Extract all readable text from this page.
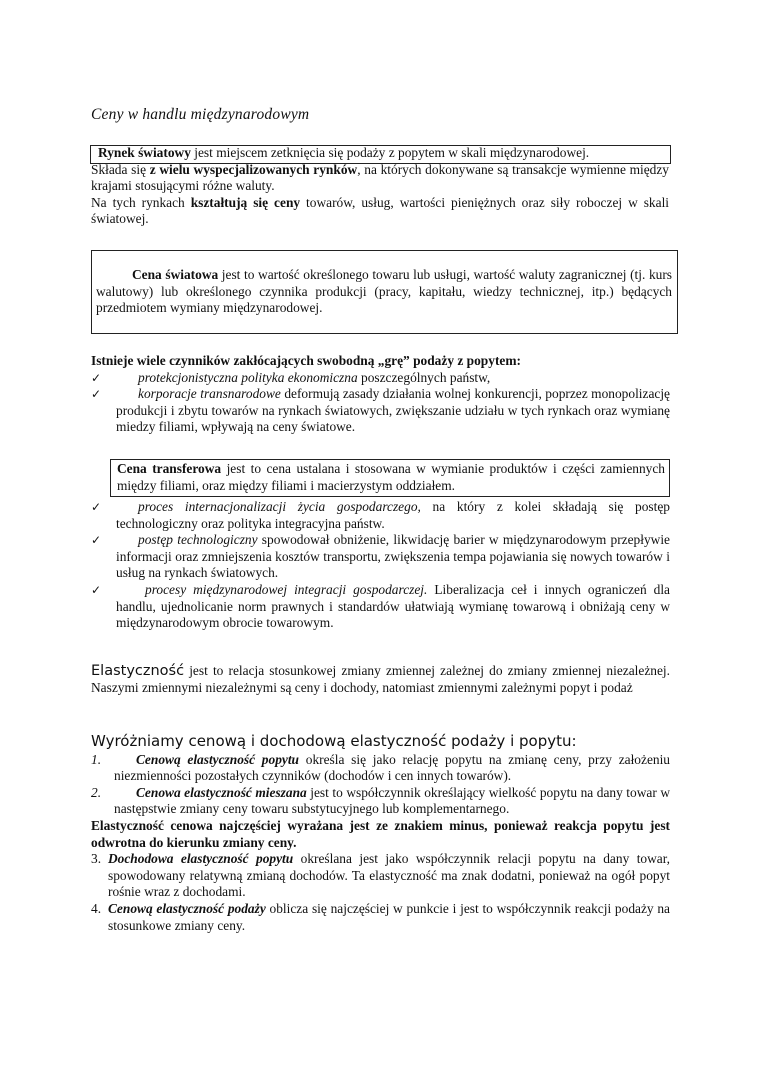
Ceny w handlu międzynarodowym

Rynek światowy jest miejscem zetknięcia się podaży z popytem w skali międzynarodowej.

Składa się z wielu wyspecjalizowanych rynków, na których dokonywane są transakcje wymienne między krajami stosującymi różne waluty.

Na tych rynkach kształtują się ceny towarów, usług, wartości pieniężnych oraz siły roboczej w skali światowej.

Cena światowa jest to wartość określonego towaru lub usługi, wartość waluty zagranicznej (tj. kurs walutowy) lub określonego czynnika produkcji (pracy, kapitału, wiedzy technicznej, itp.) będących przedmiotem wymiany międzynarodowej.

Istnieje wiele czynników zakłócających swobodną „grę” podaży z popytem:

✓	protekcjonistyczna polityka ekonomiczna poszczególnych państw,
✓	korporacje transnarodowe deformują zasady działania wolnej konkurencji, poprzez monopolizację produkcji i zbytu towarów na rynkach światowych, zwiększanie udziału w tych rynkach oraz wymianę miedzy filiami, wpływają na ceny światowe.

Cena transferowa jest to cena ustalana i stosowana w wymianie produktów i części zamiennych między filiami, oraz między filiami i macierzystym oddziałem.

✓	proces internacjonalizacji życia gospodarczego, na który z kolei składają się postęp technologiczny oraz polityka integracyjna państw.
✓	postęp technologiczny spowodował obniżenie, likwidację barier w międzynarodowym przepływie informacji oraz zmniejszenia kosztów transportu, zwiększenia tempa pojawiania się nowych towarów i usług na rynkach światowych.
✓	procesy międzynarodowej integracji gospodarczej. Liberalizacja ceł i innych ograniczeń dla handlu, ujednolicanie norm prawnych i standardów ułatwiają wymianę towarową i obniżają ceny w międzynarodowym obrocie towarowym.

Elastyczność jest to relacja stosunkowej zmiany zmiennej zależnej do zmiany zmiennej niezależnej. Naszymi zmiennymi niezależnymi są ceny i dochody, natomiast zmiennymi zależnymi popyt i podaż

Wyróżniamy cenową i dochodową elastyczność podaży i popytu:

1.	Cenową elastyczność popytu określa się jako relację popytu na zmianę ceny, przy założeniu niezmienności pozostałych czynników (dochodów i cen innych towarów).
2.	Cenowa elastyczność mieszana jest to współczynnik określający wielkość popytu na dany towar w następstwie zmiany ceny towaru substytucyjnego lub komplementarnego.

Elastyczność cenowa najczęściej wyrażana jest ze znakiem minus, ponieważ reakcja popytu jest odwrotna do kierunku zmiany ceny.

3. Dochodowa elastyczność popytu określana jest jako współczynnik relacji popytu na dany towar, spowodowany relatywną zmianą dochodów. Ta elastyczność ma znak dodatni, ponieważ na ogół popyt rośnie wraz z dochodami.
4. Cenową elastyczność podaży oblicza się najczęściej w punkcie i jest to współczynnik reakcji podaży na stosunkowe zmiany ceny.
